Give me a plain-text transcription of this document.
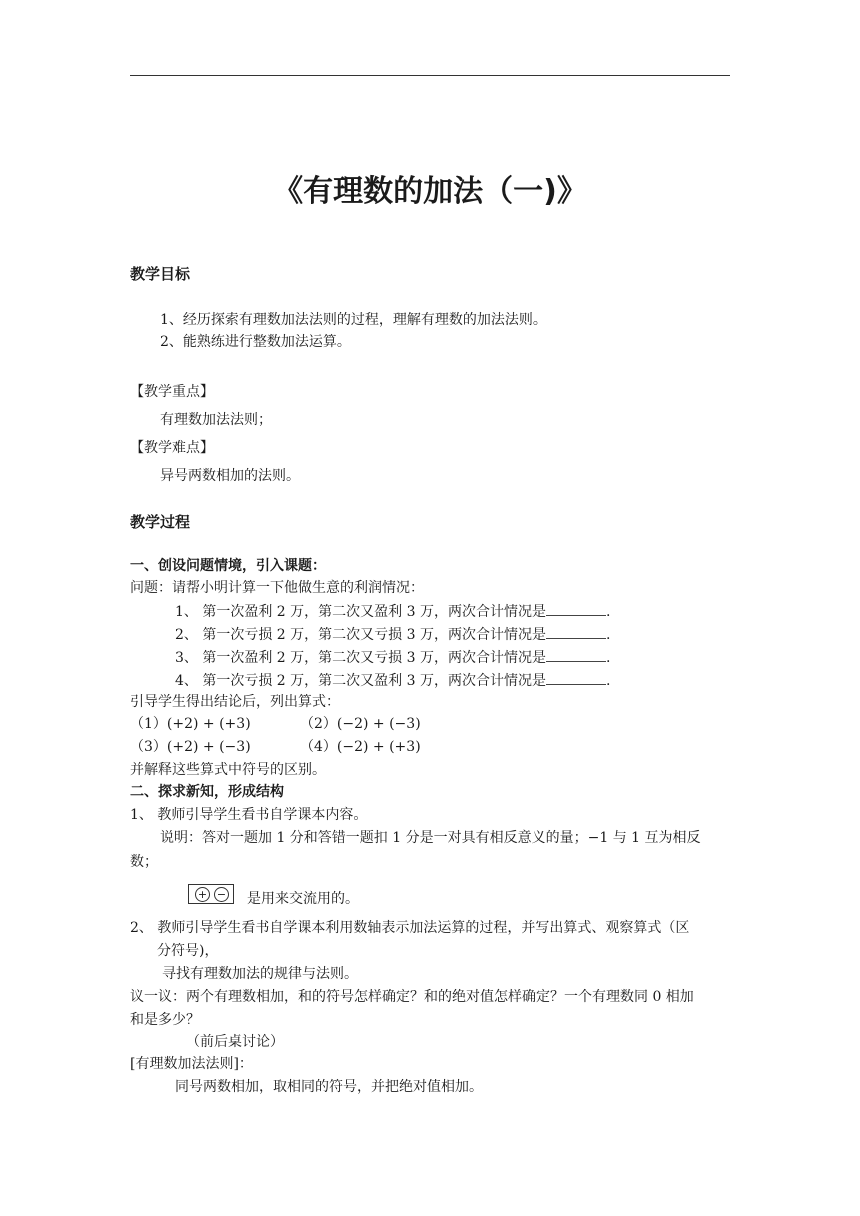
《有理数的加法（一)》
教学目标
1、经历探索有理数加法法则的过程，理解有理数的加法法则。
2、能熟练进行整数加法运算。
【教学重点】
有理数加法法则；
【教学难点】
异号两数相加的法则。
教学过程
一、创设问题情境，引入课题：
问题：请帮小明计算一下他做生意的利润情况：
1、 第一次盈利 2 万，第二次又盈利 3 万，两次合计情况是	.
2、 第一次亏损 2 万，第二次又亏损 3 万，两次合计情况是	.
3、 第一次盈利 2 万，第二次又亏损 3 万，两次合计情况是	.
4、 第一次亏损 2 万，第二次又盈利 3 万，两次合计情况是	.
引导学生得出结论后，列出算式：
（1）(+2) + (+3)	（2）(−2) + (−3)
（3）(+2) + (−3)	（4）(−2) + (+3)
并解释这些算式中符号的区别。
二、探求新知，形成结构
1、 教师引导学生看书自学课本内容。
说明：答对一题加 1 分和答错一题扣 1 分是一对具有相反意义的量；−1 与 1 互为相反
数；
+ − 是用来交流用的。
2、 教师引导学生看书自学课本利用数轴表示加法运算的过程，并写出算式、观察算式（区
分符号)，
寻找有理数加法的规律与法则。
议一议：两个有理数相加，和的符号怎样确定？和的绝对值怎样确定？一个有理数同 0 相加
和是多少？
（前后桌讨论）
[有理数加法法则]：
同号两数相加，取相同的符号，并把绝对值相加。
